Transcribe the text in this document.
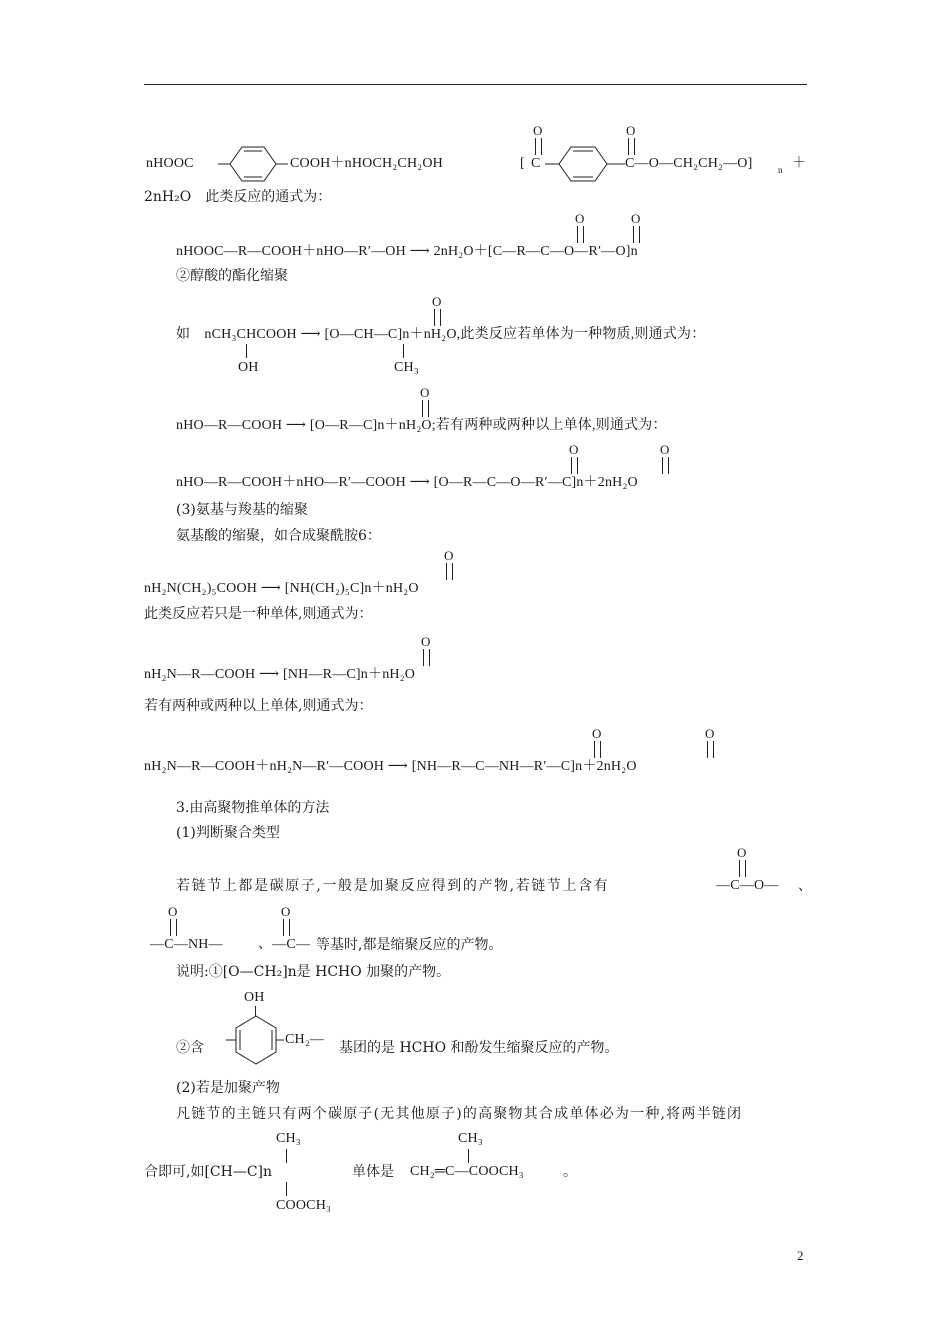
nHOOC	COOH＋nHOCH₂CH₂OH	[
O
C
O
C—O—CH₂CH₂—O]	n ＋
2nH₂O　此类反应的通式为：
O	O
nHOOC—R—COOH＋nHO—R′—OH ⟶ 2nH₂O＋[C—R—C—O—R′—O]n
②醇酸的酯化缩聚
O
如　nCH₃CHCOOH ⟶ [O—CH—C]n＋nH₂O,此类反应若单体为一种物质,则通式为：
OH	CH₃
O
nHO—R—COOH ⟶ [O—R—C]n＋nH₂O;若有两种或两种以上单体,则通式为：
O	O
nHO—R—COOH＋nHO—R′—COOH ⟶ [O—R—C—O—R′—C]n＋2nH₂O
(3)氨基与羧基的缩聚
氨基酸的缩聚，如合成聚酰胺6：
O
nH₂N(CH₂)₅COOH ⟶ [NH(CH₂)₅C]n＋nH₂O
此类反应若只是一种单体,则通式为：
O
nH₂N—R—COOH ⟶ [NH—R—C]n＋nH₂O
若有两种或两种以上单体,则通式为：
O	O
nH₂N—R—COOH＋nH₂N—R′—COOH ⟶ [NH—R—C—NH—R′—C]n＋2nH₂O
3.由高聚物推单体的方法
(1)判断聚合类型
若链节上都是碳原子,一般是加聚反应得到的产物,若链节上含有
O
—C—O— 、
O
—C—NH—
O
、—C— 等基时,都是缩聚反应的产物。
说明:①[O—CH₂]n是 HCHO 加聚的产物。
OH
②含
CH₂—
基团的是 HCHO 和酚发生缩聚反应的产物。
(2)若是加聚产物
凡链节的主链只有两个碳原子(无其他原子)的高聚物其合成单体必为一种,将两半链闭
CH₃
合即可,如[CH—C]n
COOCH₃
单体是
CH₃
CH₂═C—COOCH₃	。
2
